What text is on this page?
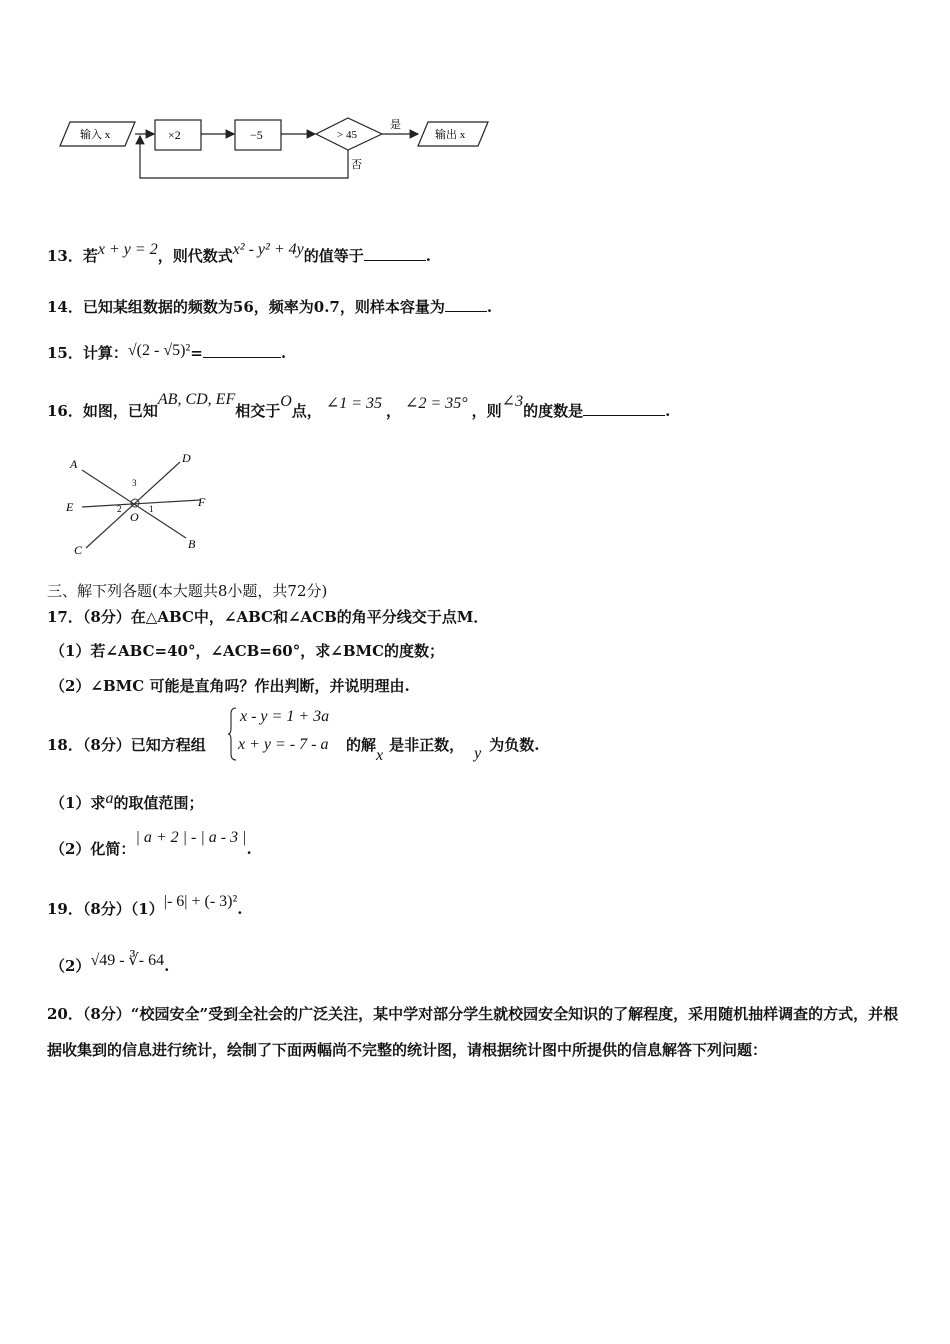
输入 x	×2	−5	> 45
是
输出 x
否
13．若x + y = 2，则代数式x² - y² + 4y的值等于	.
14．已知某组数据的频数为56，频率为0.7，则样本容量为	.
15．计算：√(2 - √5)²=	.
16．如图，已知AB, CD, EF相交于O点， ∠1 = 35 ， ∠2 = 35° ，则∠3的度数是	.
A	D
E	F
C	B
O
3
2	1
三、解下列各题(本大题共8小题，共72分)
17．（8分）在△ABC中，∠ABC和∠ACB的角平分线交于点M．
（1）若∠ABC=40°，∠ACB=60°，求∠BMC的度数；
（2）∠BMC 可能是直角吗？作出判断，并说明理由.
18．（8分）已知方程组
x - y = 1 + 3a
x + y = - 7 - a 的解x是非正数， y 为负数.
（1）求a的取值范围；
（2）化简：| a + 2 | - | a - 3 |.
19．（8分）（1）|- 6| + (- 3)².
（2）√49 - ∛- 64.
20．（8分）“校园安全”受到全社会的广泛关注，某中学对部分学生就校园安全知识的了解程度，采用随机抽样调查的方式，并根据收集到的信息进行统计，绘制了下面两幅尚不完整的统计图，请根据统计图中所提供的信息解答下列问题：
